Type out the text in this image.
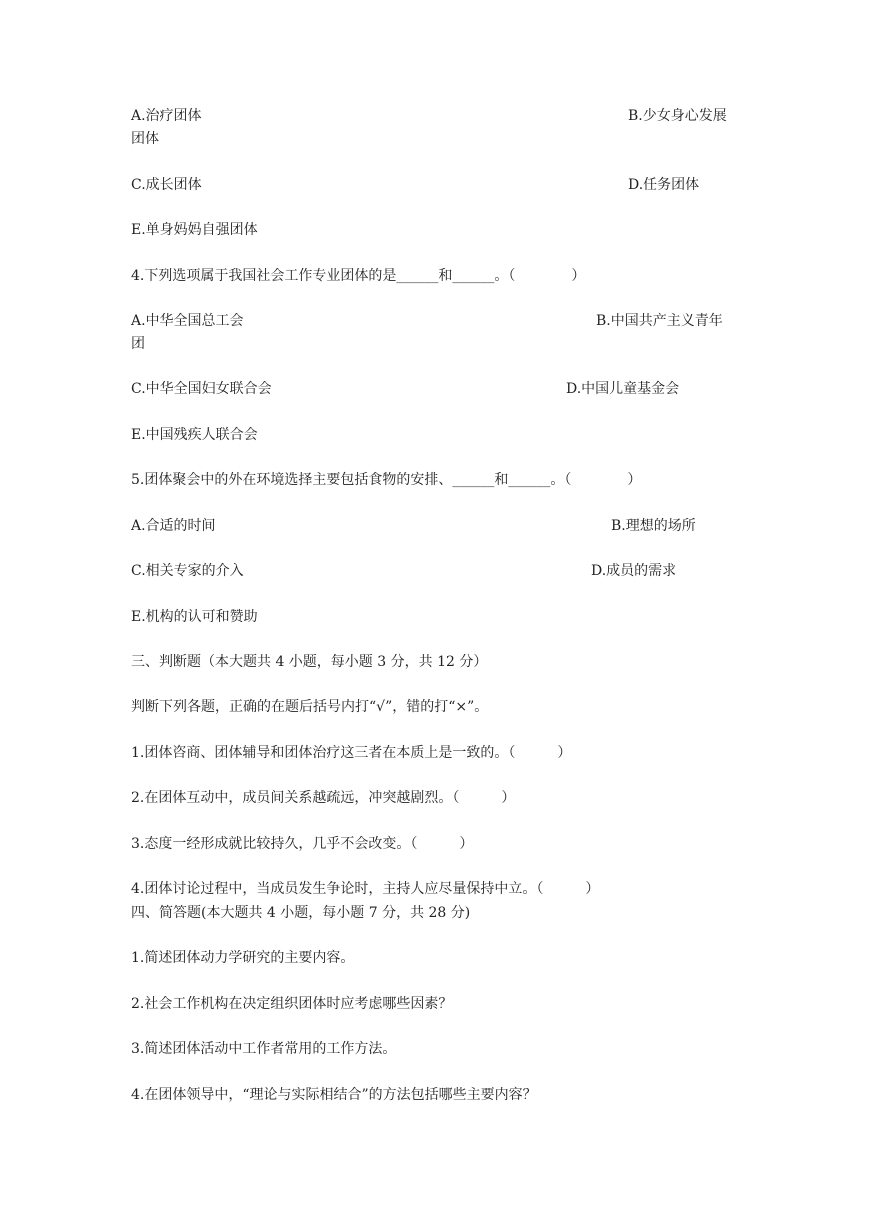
A.治疗团体	B.少女身心发展
团体
C.成长团体	D.任务团体
E.单身妈妈自强团体
4.下列选项属于我国社会工作专业团体的是______和______。（　　　　）
A.中华全国总工会	B.中国共产主义青年
团
C.中华全国妇女联合会	D.中国儿童基金会
E.中国残疾人联合会
5.团体聚会中的外在环境选择主要包括食物的安排、______和______。（　　　　）
A.合适的时间	B.理想的场所
C.相关专家的介入	D.成员的需求
E.机构的认可和赞助
三、判断题（本大题共 4 小题，每小题 3 分，共 12 分）
判断下列各题，正确的在题后括号内打“√”，错的打“×”。
1.团体咨商、团体辅导和团体治疗这三者在本质上是一致的。（　　　）
2.在团体互动中，成员间关系越疏远，冲突越剧烈。（　　　）
3.态度一经形成就比较持久，几乎不会改变。（　　　）
4.团体讨论过程中，当成员发生争论时，主持人应尽量保持中立。（　　　）
四、简答题(本大题共 4 小题，每小题 7 分，共 28 分)
1.简述团体动力学研究的主要内容。
2.社会工作机构在决定组织团体时应考虑哪些因素？
3.简述团体活动中工作者常用的工作方法。
4.在团体领导中，“理论与实际相结合”的方法包括哪些主要内容？
